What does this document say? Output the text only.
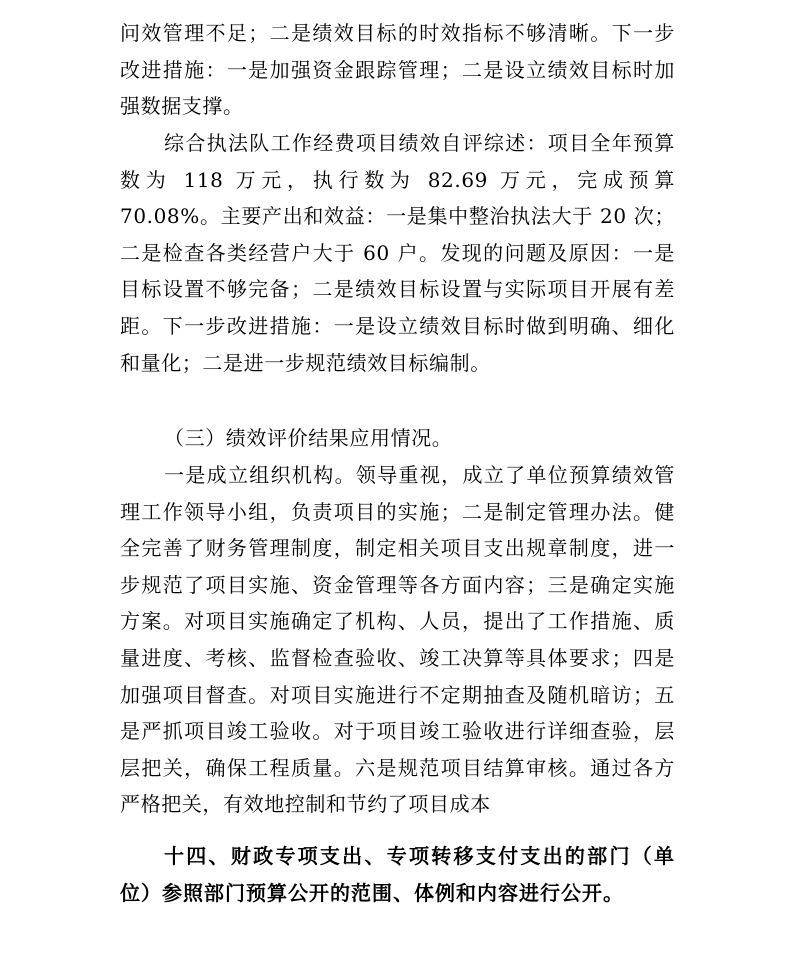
问效管理不足；二是绩效目标的时效指标不够清晰。下一步改进措施：一是加强资金跟踪管理；二是设立绩效目标时加强数据支撑。

综合执法队工作经费项目绩效自评综述：项目全年预算数为 118 万元，执行数为 82.69 万元，完成预算 70.08%。主要产出和效益：一是集中整治执法大于 20 次；二是检查各类经营户大于 60 户。发现的问题及原因：一是目标设置不够完备；二是绩效目标设置与实际项目开展有差距。下一步改进措施：一是设立绩效目标时做到明确、细化和量化；二是进一步规范绩效目标编制。

（三）绩效评价结果应用情况。

一是成立组织机构。领导重视，成立了单位预算绩效管理工作领导小组，负责项目的实施；二是制定管理办法。健全完善了财务管理制度，制定相关项目支出规章制度，进一步规范了项目实施、资金管理等各方面内容；三是确定实施方案。对项目实施确定了机构、人员，提出了工作措施、质量进度、考核、监督检查验收、竣工决算等具体要求；四是加强项目督查。对项目实施进行不定期抽查及随机暗访；五是严抓项目竣工验收。对于项目竣工验收进行详细查验，层层把关，确保工程质量。六是规范项目结算审核。通过各方严格把关，有效地控制和节约了项目成本

十四、财政专项支出、专项转移支付支出的部门（单位）参照部门预算公开的范围、体例和内容进行公开。
